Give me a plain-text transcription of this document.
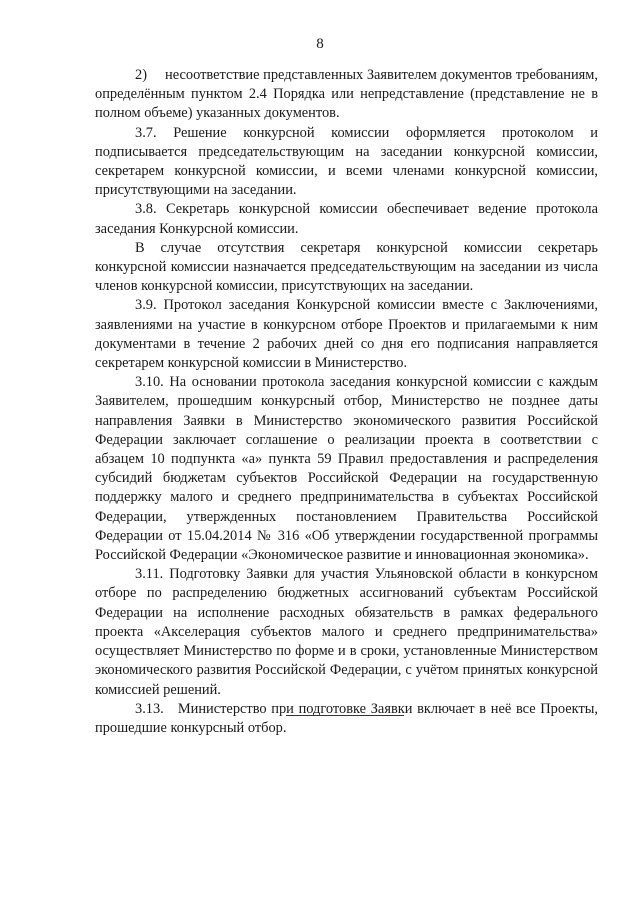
8

2)     несоответствие представленных Заявителем документов требованиям, определённым пунктом 2.4 Порядка или непредставление (представление не в полном объеме) указанных документов.

3.7. Решение конкурсной комиссии оформляется протоколом и подписывается председательствующим на заседании конкурсной комиссии, секретарем конкурсной комиссии, и всеми членами конкурсной комиссии, присутствующими на заседании.

3.8. Секретарь конкурсной комиссии обеспечивает ведение протокола заседания Конкурсной комиссии.

В случае отсутствия секретаря конкурсной комиссии секретарь конкурсной комиссии назначается председательствующим на заседании из числа членов конкурсной комиссии, присутствующих на заседании.

3.9. Протокол заседания Конкурсной комиссии вместе с Заключениями, заявлениями на участие в конкурсном отборе Проектов и прилагаемыми к ним документами в течение 2 рабочих дней со дня его подписания направляется секретарем конкурсной комиссии в Министерство.

3.10. На основании протокола заседания конкурсной комиссии с каждым Заявителем, прошедшим конкурсный отбор, Министерство не позднее даты направления Заявки в Министерство экономического развития Российской Федерации заключает соглашение о реализации проекта в соответствии с абзацем 10 подпункта «а» пункта 59 Правил предоставления и распределения субсидий бюджетам субъектов Российской Федерации на государственную поддержку малого и среднего предпринимательства в субъектах Российской Федерации, утвержденных постановлением Правительства Российской Федерации от 15.04.2014 № 316 «Об утверждении государственной программы Российской Федерации «Экономическое развитие и инновационная экономика».

3.11. Подготовку Заявки для участия Ульяновской области в конкурсном отборе по распределению бюджетных ассигнований субъектам Российской Федерации на исполнение расходных обязательств в рамках федерального проекта «Акселерация субъектов малого и среднего предпринимательства» осуществляет Министерство по форме и в сроки, установленные Министерством экономического развития Российской Федерации, с учётом принятых конкурсной комиссией решений.

3.13.   Министерство при подготовке Заявки включает в неё все Проекты, прошедшие конкурсный отбор.
